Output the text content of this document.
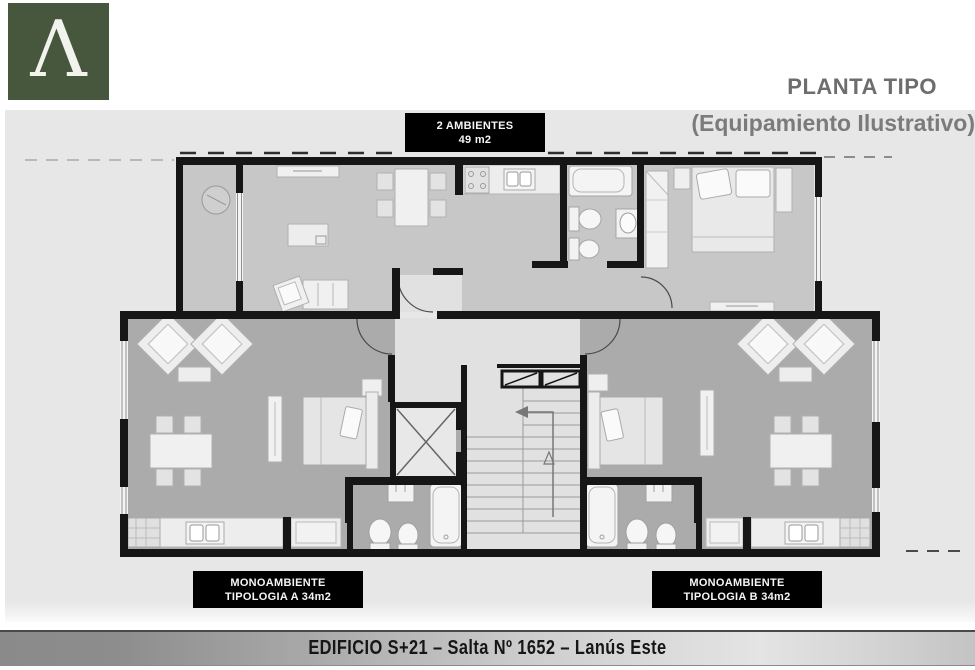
Λ	PLANTA TIPO
(Equipamiento Ilustrativo)
2 AMBIENTES
49 m2
MONOAMBIENTE
TIPOLOGIA A 34m2
MONOAMBIENTE
TIPOLOGIA B 34m2
EDIFICIO S+21 – Salta Nº 1652 – Lanús Este
